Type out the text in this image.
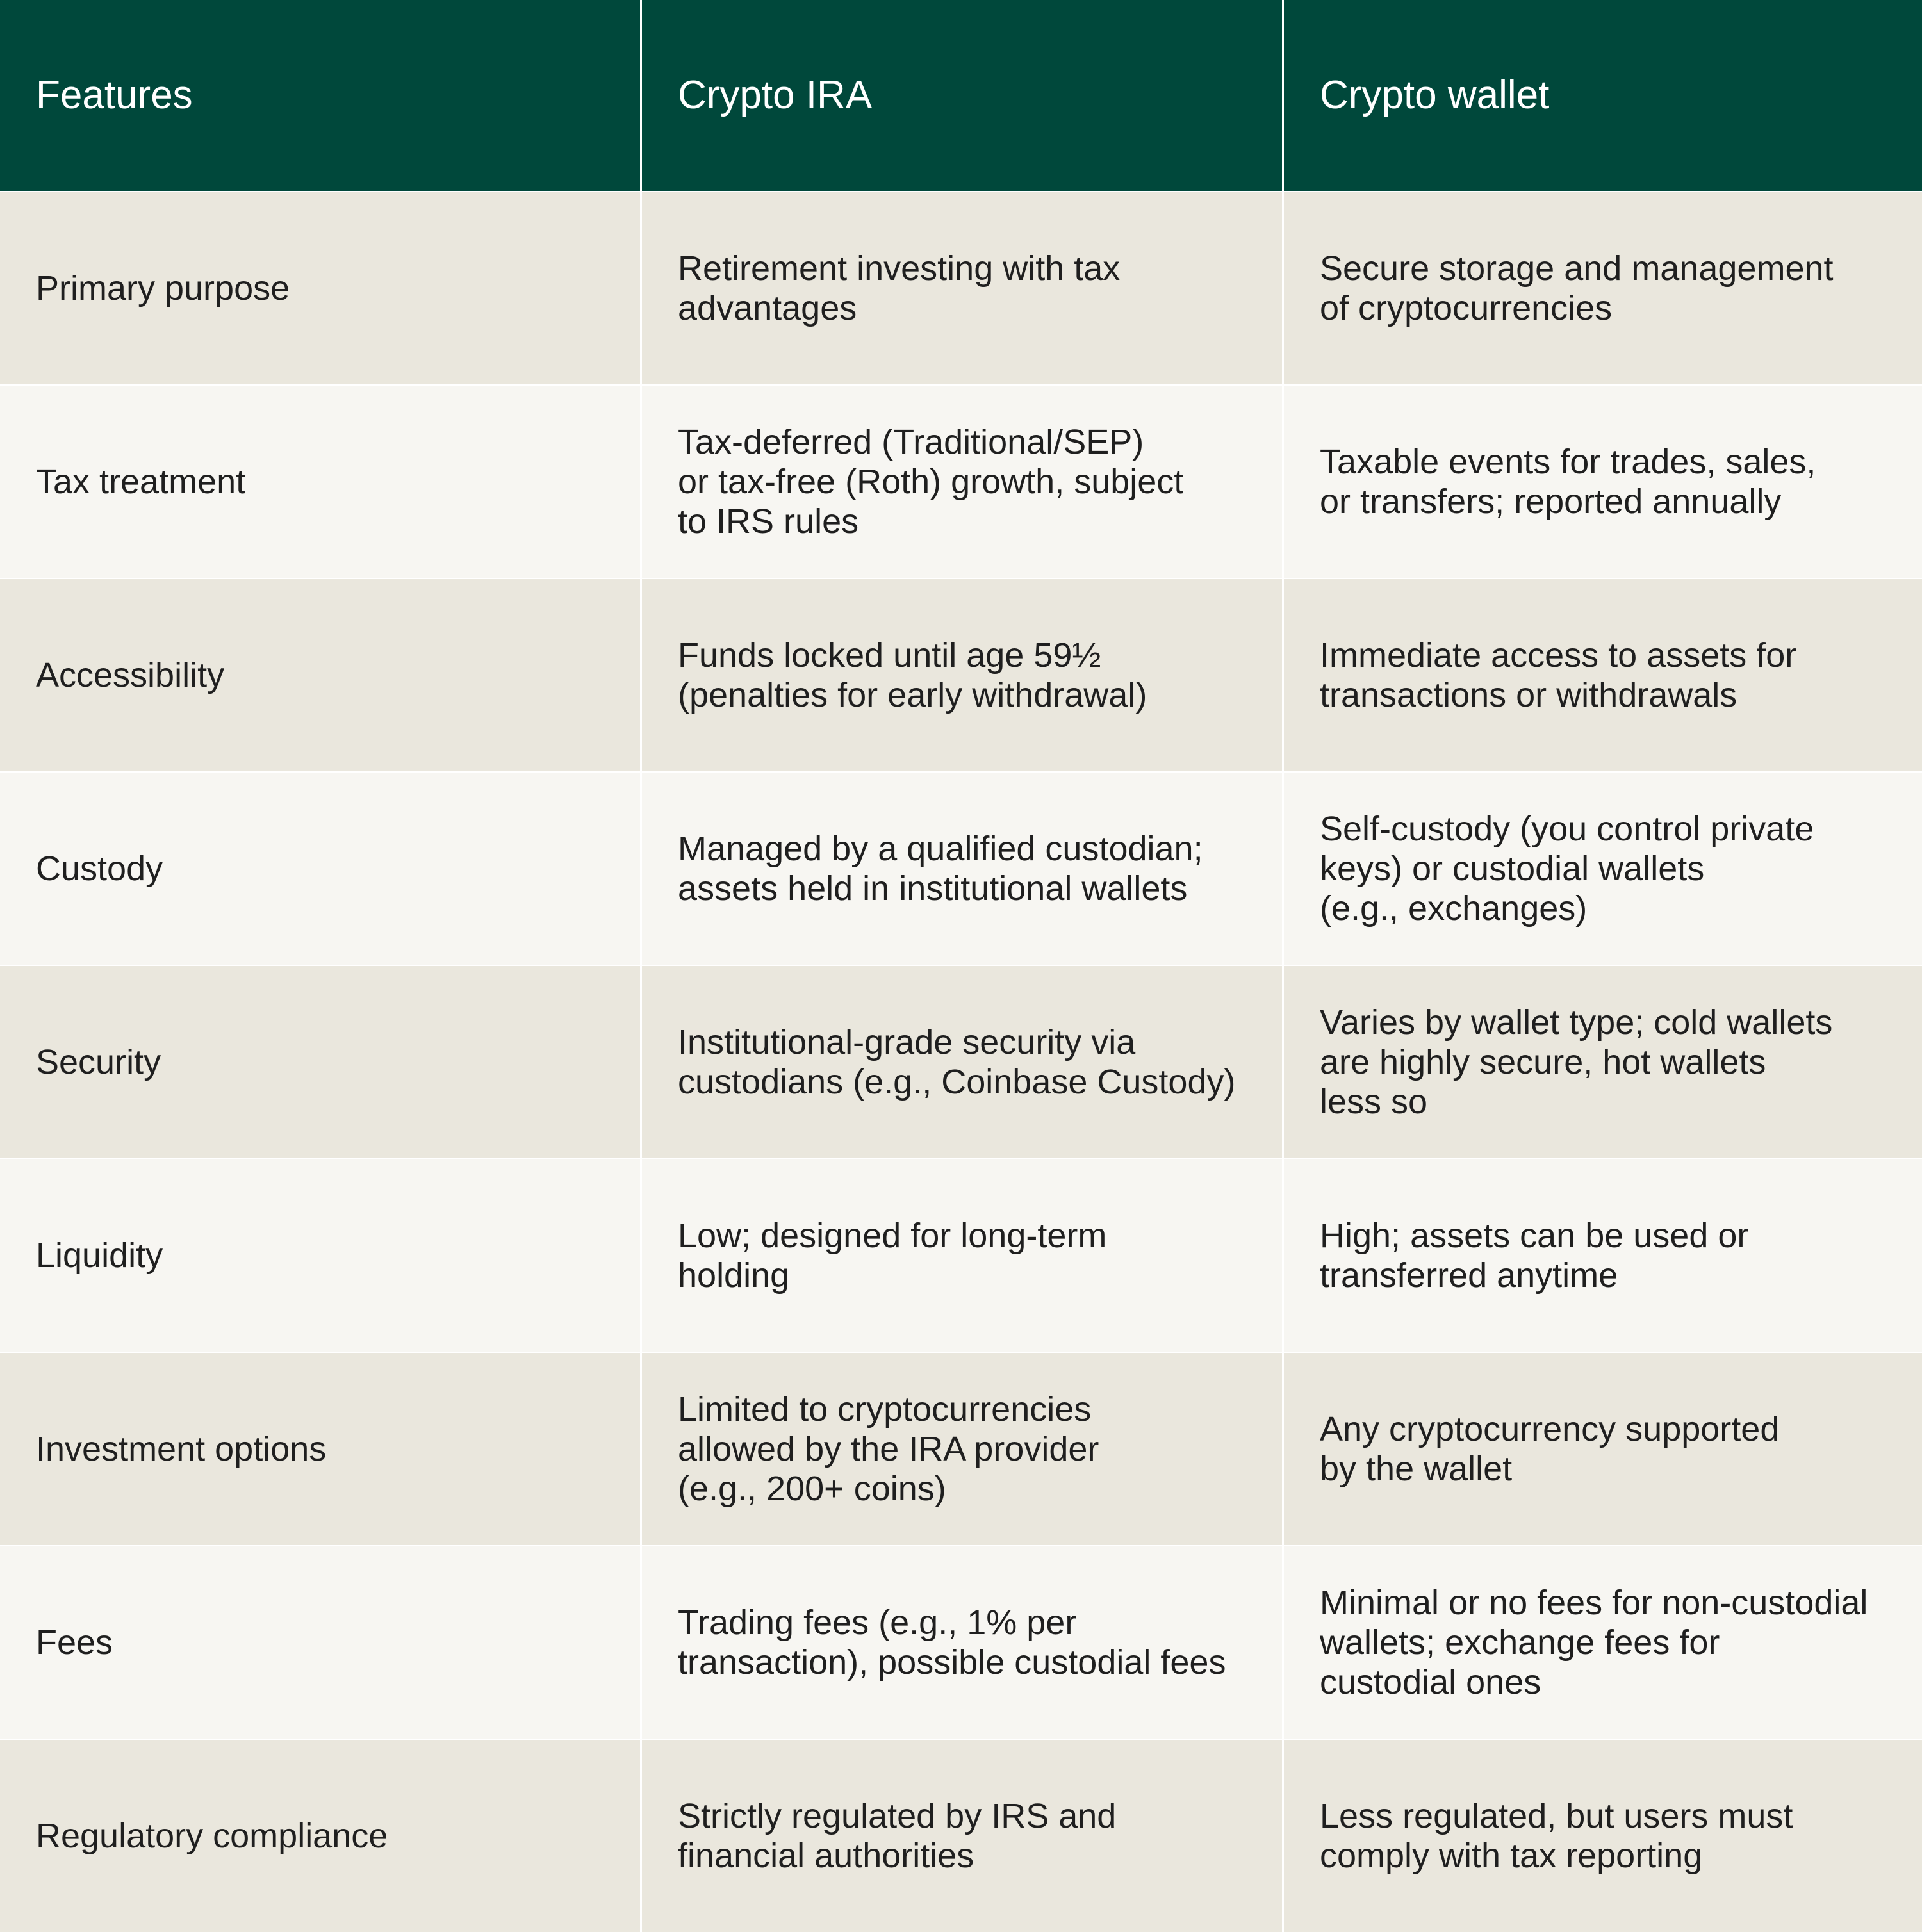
Features	Crypto IRA	Crypto wallet
Primary purpose
Retirement investing with tax
advantages
Secure storage and management
of cryptocurrencies
Tax treatment
Tax-deferred (Traditional/SEP)
or tax-free (Roth) growth, subject
to IRS rules
Taxable events for trades, sales,
or transfers; reported annually
Accessibility
Funds locked until age 59½
(penalties for early withdrawal)
Immediate access to assets for
transactions or withdrawals
Custody
Managed by a qualified custodian;
assets held in institutional wallets
Self-custody (you control private
keys) or custodial wallets
(e.g., exchanges)
Security
Institutional-grade security via
custodians (e.g., Coinbase Custody)
Varies by wallet type; cold wallets
are highly secure, hot wallets
less so
Liquidity
Low; designed for long-term
holding
High; assets can be used or
transferred anytime
Investment options
Limited to cryptocurrencies
allowed by the IRA provider
(e.g., 200+ coins)
Any cryptocurrency supported
by the wallet
Fees
Trading fees (e.g., 1% per
transaction), possible custodial fees
Minimal or no fees for non-custodial
wallets; exchange fees for
custodial ones
Regulatory compliance
Strictly regulated by IRS and
financial authorities
Less regulated, but users must
comply with tax reporting
